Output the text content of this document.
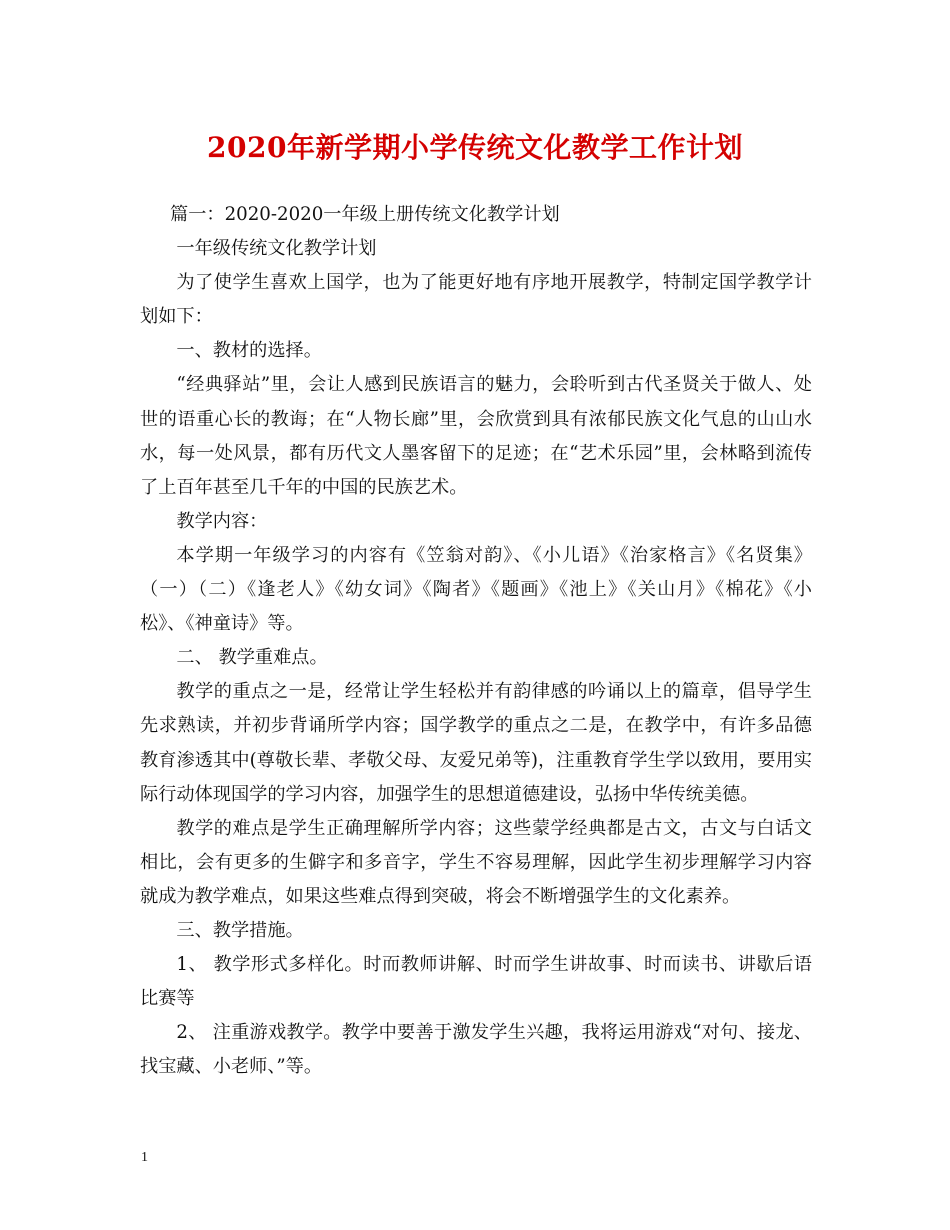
2020年新学期小学传统文化教学工作计划

篇一：2020-2020一年级上册传统文化教学计划

一年级传统文化教学计划

为了使学生喜欢上国学，也为了能更好地有序地开展教学，特制定国学教学计划如下：

一、教材的选择。

“经典驿站”里，会让人感到民族语言的魅力，会聆听到古代圣贤关于做人、处世的语重心长的教诲；在“人物长廊”里，会欣赏到具有浓郁民族文化气息的山山水水，每一处风景，都有历代文人墨客留下的足迹；在“艺术乐园”里，会林略到流传了上百年甚至几千年的中国的民族艺术。

教学内容：

本学期一年级学习的内容有《笠翁对韵》、《小儿语》《治家格言》《名贤集》（一）（二）《逢老人》《幼女词》《陶者》《题画》《池上》《关山月》《棉花》《小松》、《神童诗》等。

二、 教学重难点。

教学的重点之一是，经常让学生轻松并有韵律感的吟诵以上的篇章，倡导学生先求熟读，并初步背诵所学内容；国学教学的重点之二是，在教学中，有许多品德教育渗透其中(尊敬长辈、孝敬父母、友爱兄弟等)，注重教育学生学以致用，要用实际行动体现国学的学习内容，加强学生的思想道德建设，弘扬中华传统美德。

教学的难点是学生正确理解所学内容；这些蒙学经典都是古文，古文与白话文相比，会有更多的生僻字和多音字，学生不容易理解，因此学生初步理解学习内容就成为教学难点，如果这些难点得到突破，将会不断增强学生的文化素养。

三、教学措施。

1、 教学形式多样化。时而教师讲解、时而学生讲故事、时而读书、讲歇后语比赛等

2、 注重游戏教学。教学中要善于激发学生兴趣，我将运用游戏“对句、接龙、找宝藏、小老师、”等。

1
